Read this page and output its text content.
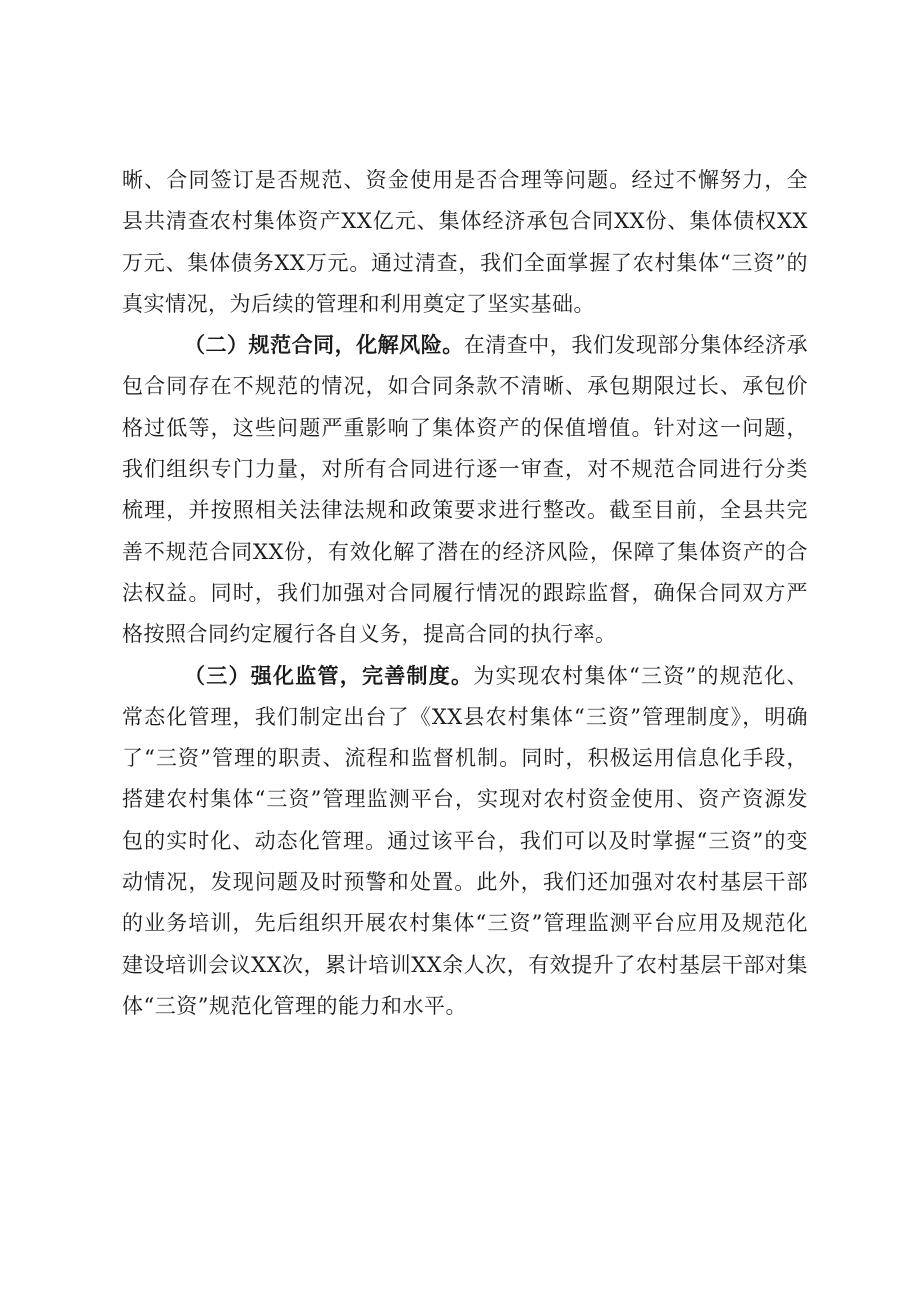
晰、合同签订是否规范、资金使用是否合理等问题。经过不懈努力，全县共清查农村集体资产XX亿元、集体经济承包合同XX份、集体债权XX万元、集体债务XX万元。通过清查，我们全面掌握了农村集体“三资”的真实情况，为后续的管理和利用奠定了坚实基础。

（二）规范合同，化解风险。在清查中，我们发现部分集体经济承包合同存在不规范的情况，如合同条款不清晰、承包期限过长、承包价格过低等，这些问题严重影响了集体资产的保值增值。针对这一问题，我们组织专门力量，对所有合同进行逐一审查，对不规范合同进行分类梳理，并按照相关法律法规和政策要求进行整改。截至目前，全县共完善不规范合同XX份，有效化解了潜在的经济风险，保障了集体资产的合法权益。同时，我们加强对合同履行情况的跟踪监督，确保合同双方严格按照合同约定履行各自义务，提高合同的执行率。

（三）强化监管，完善制度。为实现农村集体“三资”的规范化、常态化管理，我们制定出台了《XX县农村集体“三资”管理制度》，明确了“三资”管理的职责、流程和监督机制。同时，积极运用信息化手段，搭建农村集体“三资”管理监测平台，实现对农村资金使用、资产资源发包的实时化、动态化管理。通过该平台，我们可以及时掌握“三资”的变动情况，发现问题及时预警和处置。此外，我们还加强对农村基层干部的业务培训，先后组织开展农村集体“三资”管理监测平台应用及规范化建设培训会议XX次，累计培训XX余人次，有效提升了农村基层干部对集体“三资”规范化管理的能力和水平。
